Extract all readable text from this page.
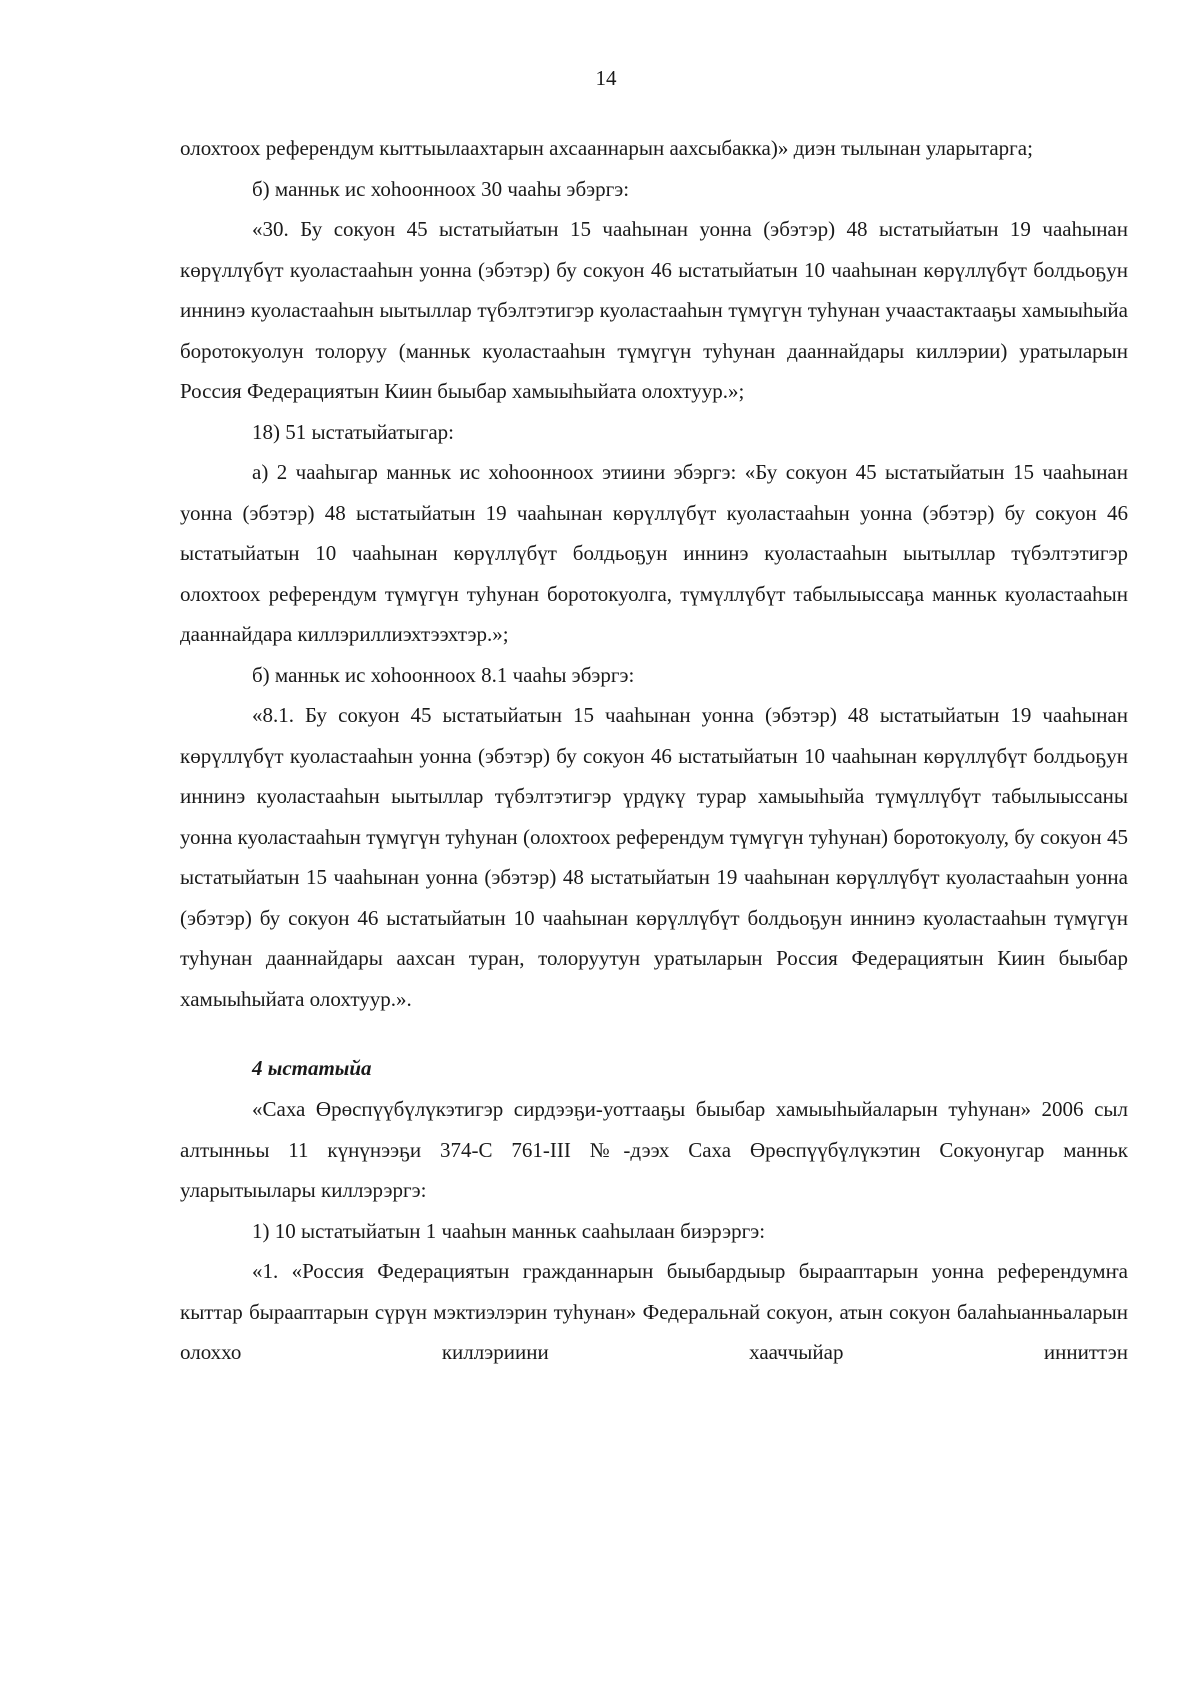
14

олохтоох референдум кыттыылаахтарын ахсааннарын аахсыбакка)» диэн тылынан уларытарга;

б) манньк ис хоһоонноох 30 чааһы эбэргэ:

«30. Бу сокуон 45 ыстатыйатын 15 чааһынан уонна (эбэтэр) 48 ыстатыйатын 19 чааһынан көрүллүбүт куоластааһын уонна (эбэтэр) бу сокуон 46 ыстатыйатын 10 чааһынан көрүллүбүт болдьоҕун иннинэ куоластааһын ыытыллар түбэлтэтигэр куоластааһын түмүгүн туһунан учаастактааҕы хамыыһыйа боротокуолун толоруу (манньк куоластааһын түмүгүн туһунан дааннайдары киллэрии) уратыларын Россия Федерациятын Киин быыбар хамыыһыйата олохтуур.»;

18) 51 ыстатыйатыгар:

а) 2 чааһыгар манньк ис хоһоонноох этиини эбэргэ: «Бу сокуон 45 ыстатыйатын 15 чааһынан уонна (эбэтэр) 48 ыстатыйатын 19 чааһынан көрүллүбүт куоластааһын уонна (эбэтэр) бу сокуон 46 ыстатыйатын 10 чааһынан көрүллүбүт болдьоҕун иннинэ куоластааһын ыытыллар түбэлтэтигэр олохтоох референдум түмүгүн туһунан боротокуолга, түмүллүбүт табылыыссаҕа манньк куоластааһын дааннайдара киллэриллиэхтээхтэр.»;

б) манньк ис хоһоонноох 8.1 чааһы эбэргэ:

«8.1. Бу сокуон 45 ыстатыйатын 15 чааһынан уонна (эбэтэр) 48 ыстатыйатын 19 чааһынан көрүллүбүт куоластааһын уонна (эбэтэр) бу сокуон 46 ыстатыйатын 10 чааһынан көрүллүбүт болдьоҕун иннинэ куоластааһын ыытыллар түбэлтэтигэр үрдүкү турар хамыыһыйа түмүллүбүт табылыыссаны уонна куоластааһын түмүгүн туһунан (олохтоох референдум түмүгүн туһунан) боротокуолу, бу сокуон 45 ыстатыйатын 15 чааһынан уонна (эбэтэр) 48 ыстатыйатын 19 чааһынан көрүллүбүт куоластааһын уонна (эбэтэр) бу сокуон 46 ыстатыйатын 10 чааһынан көрүллүбүт болдьоҕун иннинэ куоластааһын түмүгүн туһунан дааннайдары аахсан туран, толоруутун уратыларын Россия Федерациятын Киин быыбар хамыыһыйата олохтуур.».

4 ыстатыйа

«Саха Өрөспүүбүлүкэтигэр сирдээҕи-уоттааҕы быыбар хамыыһыйаларын туһунан» 2006 сыл алтынньы 11 күнүнээҕи 374-С 761-III №-дээх Саха Өрөспүүбүлүкэтин Сокуонугар манньк уларытыылары киллэрэргэ:

1) 10 ыстатыйатын 1 чааһын манньк сааһылаан биэрэргэ:

«1. «Россия Федерациятын гражданнарын быыбардыыр бырааптарын уонна референдумҥа кыттар бырааптарын сүрүн мэктиэлэрин туһунан» Федеральнай сокуон, атын сокуон балаһыанньаларын олоххо киллэриини хааччыйар инниттэн
